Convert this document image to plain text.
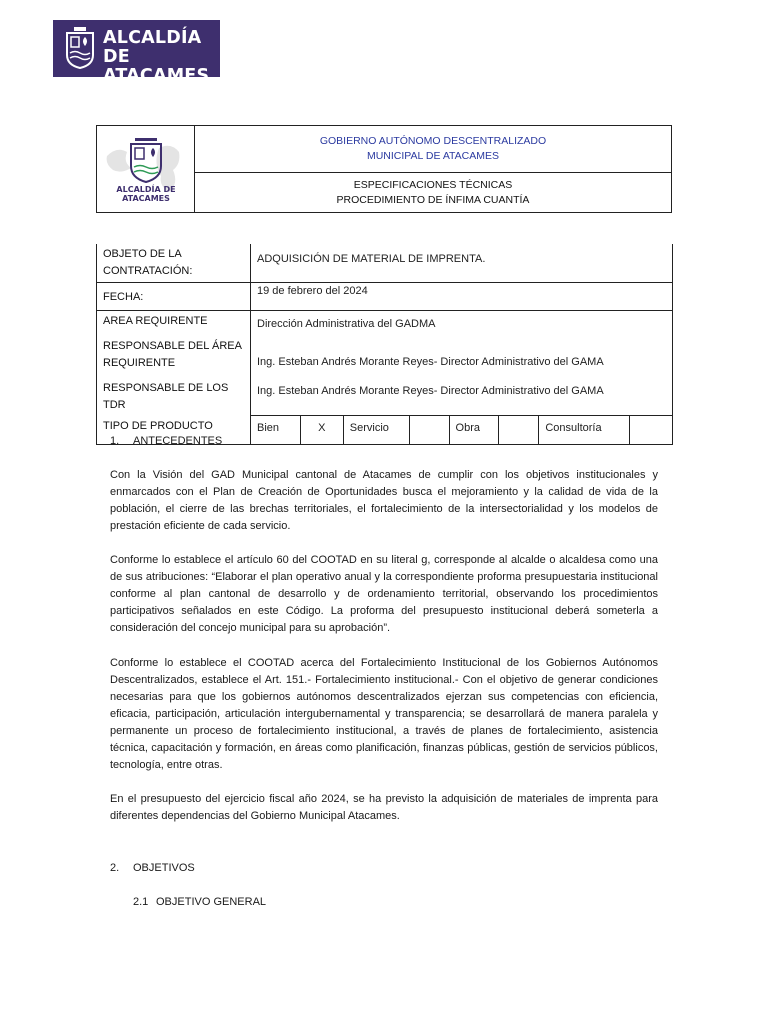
ALCALDÍA DE
ATACAMES
ALCALDÍA DE
ATACAMES
GOBIERNO AUTÓNOMO DESCENTRALIZADO
MUNICIPAL DE ATACAMES
ESPECIFICACIONES TÉCNICAS
PROCEDIMIENTO DE ÍNFIMA CUANTÍA
OBJETO DE LA CONTRATACIÓN:	ADQUISICIÓN DE MATERIAL DE IMPRENTA.
FECHA:	19 de febrero del 2024
AREA REQUIRENTE	Dirección Administrativa del GADMA
RESPONSABLE DEL ÁREA REQUIRENTE	Ing. Esteban Andrés Morante Reyes- Director Administrativo del GAMA
RESPONSABLE DE LOS TDR	Ing. Esteban Andrés Morante Reyes- Director Administrativo del GAMA
TIPO DE PRODUCTO	Bien X Servicio Obra Consultoría
1. ANTECEDENTES

Con la Visión del GAD Municipal cantonal de Atacames de cumplir con los objetivos institucionales y enmarcados con el Plan de Creación de Oportunidades busca el mejoramiento y la calidad de vida de la población, el cierre de las brechas territoriales, el fortalecimiento de la intersectorialidad y los modelos de prestación eficiente de cada servicio.

Conforme lo establece el artículo 60 del COOTAD en su literal g, corresponde al alcalde o alcaldesa como una de sus atribuciones: “Elaborar el plan operativo anual y la correspondiente proforma presupuestaria institucional conforme al plan cantonal de desarrollo y de ordenamiento territorial, observando los procedimientos participativos señalados en este Código. La proforma del presupuesto institucional deberá someterla a consideración del concejo municipal para su aprobación”.

Conforme lo establece el COOTAD acerca del Fortalecimiento Institucional de los Gobiernos Autónomos Descentralizados, establece el Art. 151.- Fortalecimiento institucional.- Con el objetivo de generar condiciones necesarias para que los gobiernos autónomos descentralizados ejerzan sus competencias con eficiencia, eficacia, participación, articulación intergubernamental y transparencia; se desarrollará de manera paralela y permanente un proceso de fortalecimiento institucional, a través de planes de fortalecimiento, asistencia técnica, capacitación y formación, en áreas como planificación, finanzas públicas, gestión de servicios públicos, tecnología, entre otras.

En el presupuesto del ejercicio fiscal año 2024, se ha previsto la adquisición de materiales de imprenta para diferentes dependencias del Gobierno Municipal Atacames.

2. OBJETIVOS
2.1 OBJETIVO GENERAL
